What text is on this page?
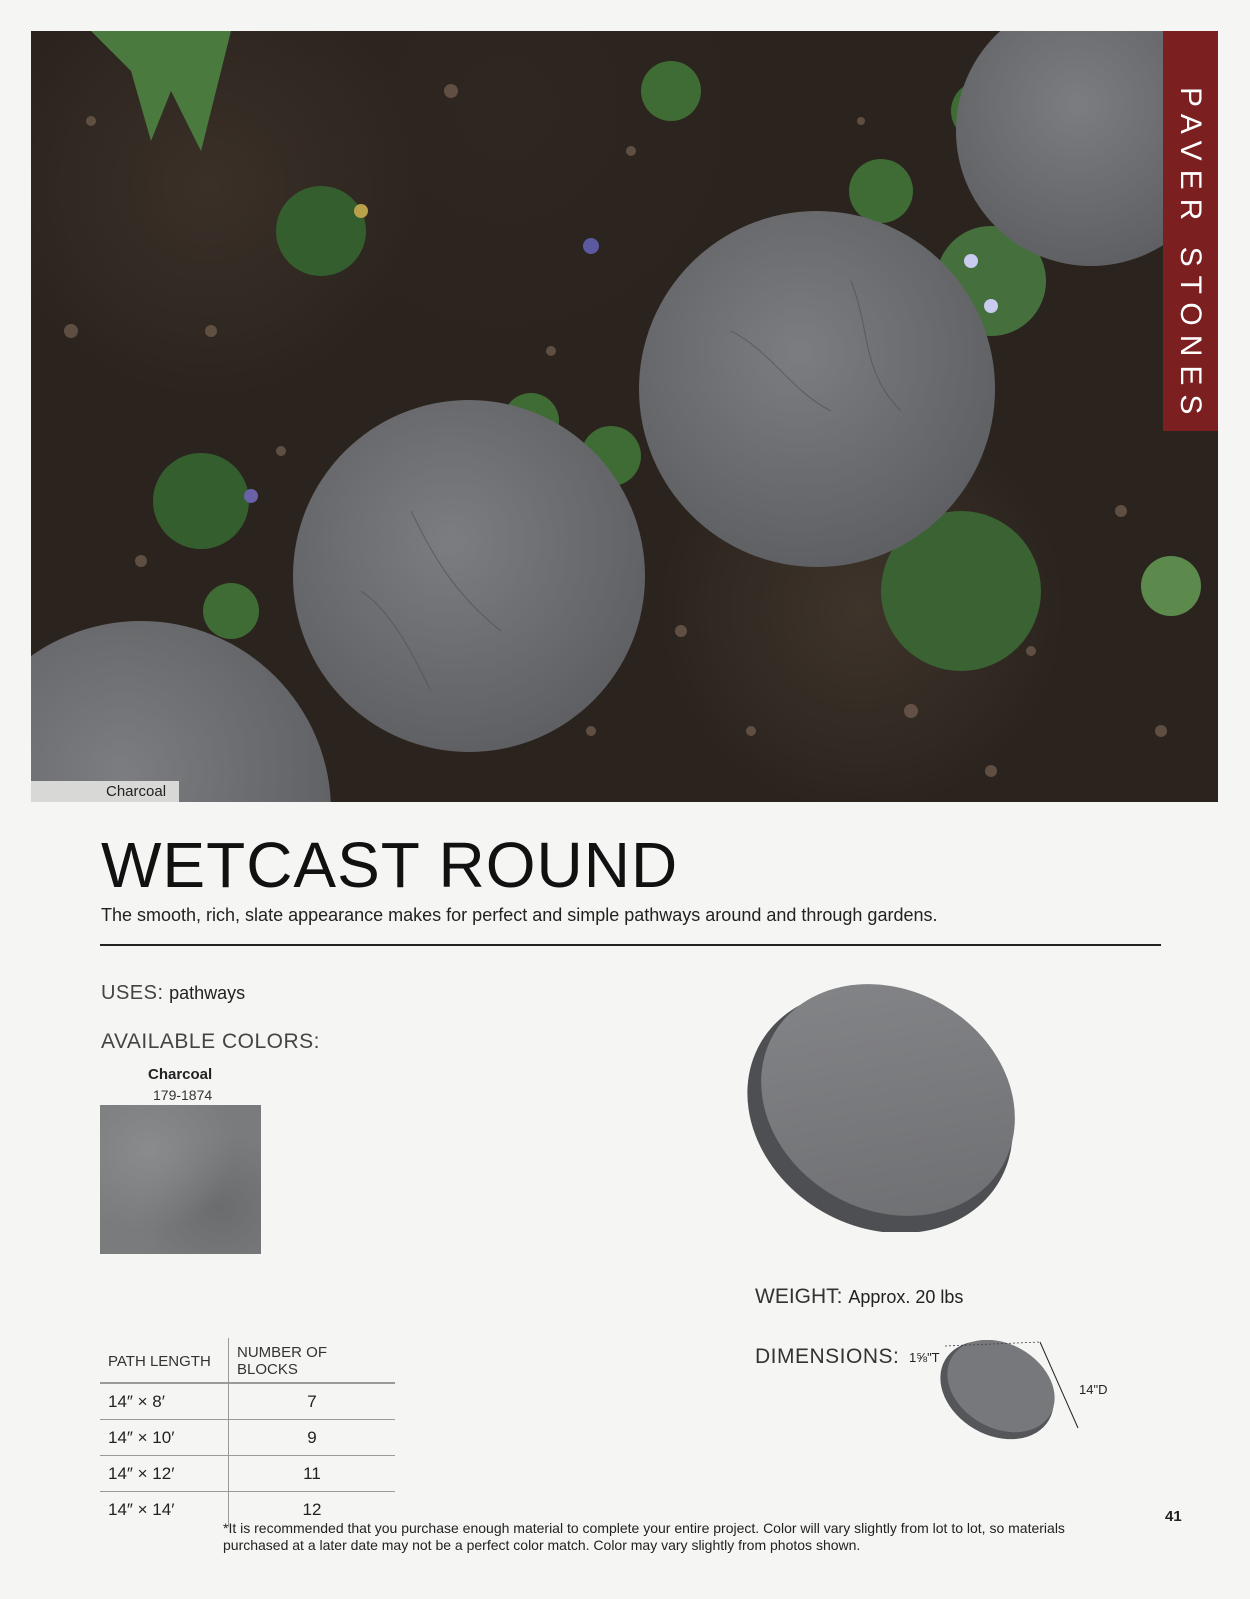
Charcoal
PAVER STONES
WETCAST ROUND

The smooth, rich, slate appearance makes for perfect and simple pathways around and through gardens.

USES: pathways
AVAILABLE COLORS:
Charcoal
179-1874
WEIGHT: Approx. 20 lbs
DIMENSIONS: 1⅝"T
14"D
PATH LENGTH	NUMBER OF BLOCKS
14″ × 8′	7
14″ × 10′	9
14″ × 12′	11
14″ × 14′	12
*It is recommended that you purchase enough material to complete your entire project. Color will vary slightly from lot to lot, so materials purchased at a later date may not be a perfect color match. Color may vary slightly from photos shown.
41
